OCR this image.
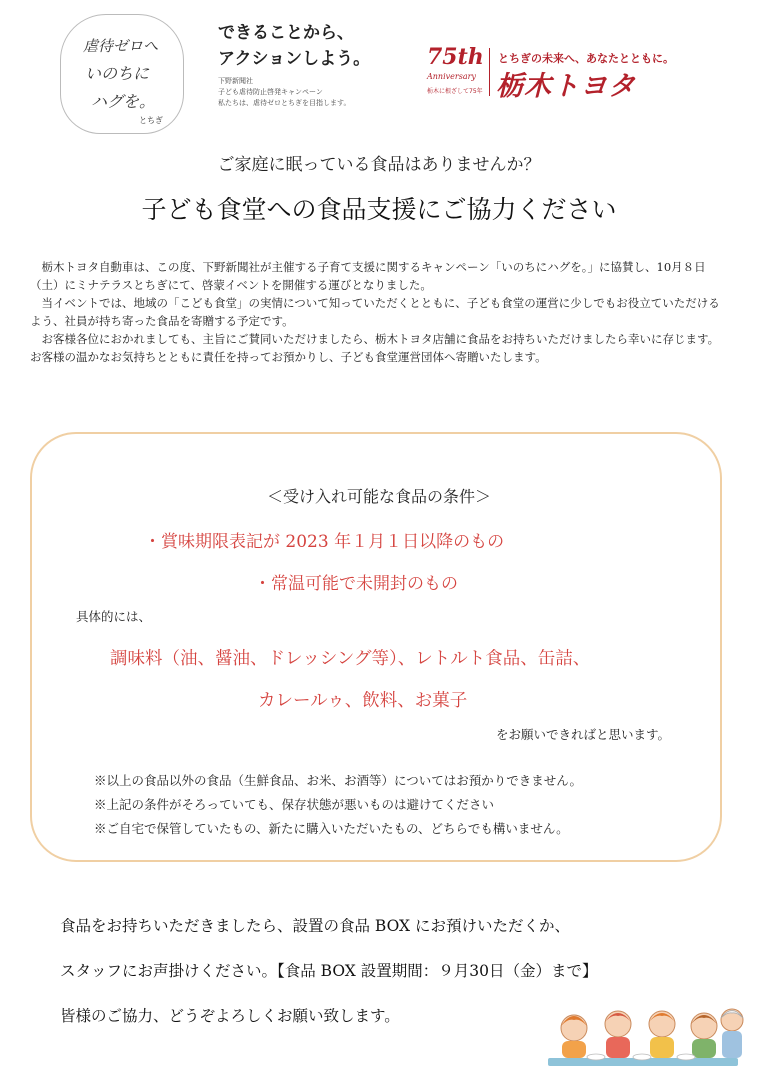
虐待ゼロへ
いのちに
ハグを。
とちぎ
できることから、
アクションしよう。
下野新聞社
子ども虐待防止啓発キャンペーン
私たちは、虐待ゼロとちぎを目指します。
75th
Anniversary
栃木に根ざして75年
とちぎの未来へ、あなたとともに。
栃木トヨタ
ご家庭に眠っている食品はありませんか？
子ども食堂への食品支援にご協力ください

栃木トヨタ自動車は、この度、下野新聞社が主催する子育て支援に関するキャンペーン「いのちにハグを。」に協賛し、10月８日（土）にミナテラスとちぎにて、啓蒙イベントを開催する運びとなりました。

当イベントでは、地域の「こども食堂」の実情について知っていただくとともに、子ども食堂の運営に少しでもお役立ていただけるよう、社員が持ち寄った食品を寄贈する予定です。

お客様各位におかれましても、主旨にご賛同いただけましたら、栃木トヨタ店舗に食品をお持ちいただけましたら幸いに存じます。お客様の温かなお気持ちとともに責任を持ってお預かりし、子ども食堂運営団体へ寄贈いたします。

＜受け入れ可能な食品の条件＞
・賞味期限表記が 2023 年１月１日以降のもの
・常温可能で未開封のもの
具体的には、
調味料（油、醤油、ドレッシング等）、レトルト食品、缶詰、
カレールゥ、飲料、お菓子
をお願いできればと思います。
※以上の食品以外の食品（生鮮食品、お米、お酒等）についてはお預かりできません。
※上記の条件がそろっていても、保存状態が悪いものは避けてください
※ご自宅で保管していたもの、新たに購入いただいたもの、どちらでも構いません。
食品をお持ちいただきましたら、設置の食品 BOX にお預けいただくか、
スタッフにお声掛けください。【食品 BOX 設置期間：９月30日（金）まで】
皆様のご協力、どうぞよろしくお願い致します。
